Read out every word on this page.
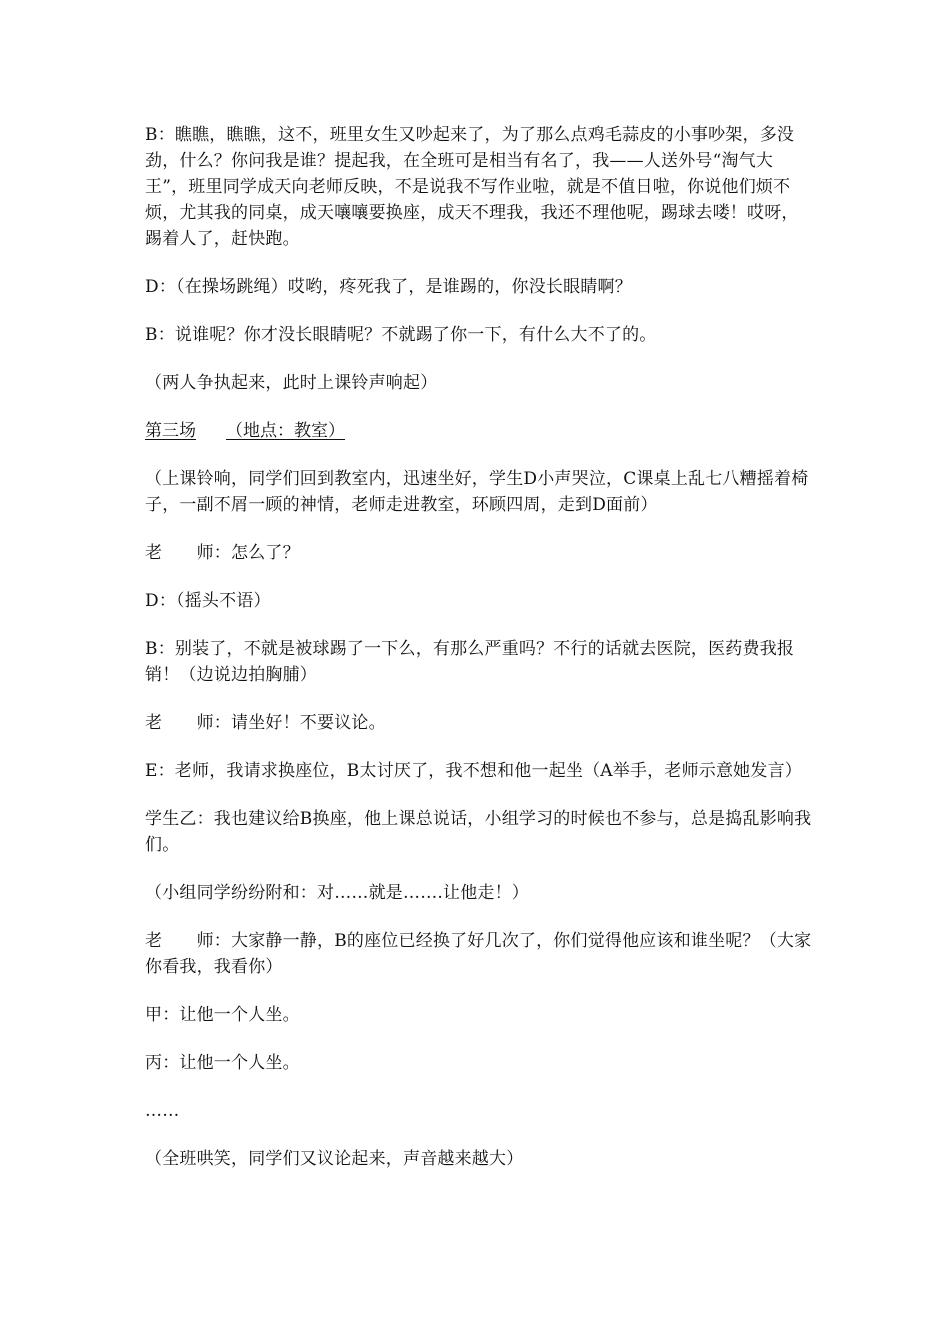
B：瞧瞧，瞧瞧，这不，班里女生又吵起来了，为了那么点鸡毛蒜皮的小事吵架，多没劲，什么？你问我是谁？提起我，在全班可是相当有名了，我——人送外号“淘气大王”，班里同学成天向老师反映，不是说我不写作业啦，就是不值日啦，你说他们烦不烦，尤其我的同桌，成天嚷嚷要换座，成天不理我，我还不理他呢，踢球去喽！哎呀，踢着人了，赶快跑。

D：（在操场跳绳）哎哟，疼死我了，是谁踢的，你没长眼睛啊？

B：说谁呢？你才没长眼睛呢？不就踢了你一下，有什么大不了的。

（两人争执起来，此时上课铃声响起）

第三场 （地点：教室）

（上课铃响，同学们回到教室内，迅速坐好，学生D小声哭泣，C课桌上乱七八糟摇着椅子，一副不屑一顾的神情，老师走进教室，环顾四周，走到D面前）

老　　师：怎么了？

D：（摇头不语）

B：别装了，不就是被球踢了一下么，有那么严重吗？不行的话就去医院，医药费我报销！（边说边拍胸脯）

老　　师：请坐好！不要议论。

E：老师，我请求换座位，B太讨厌了，我不想和他一起坐（A举手，老师示意她发言）

学生乙：我也建议给B换座，他上课总说话，小组学习的时候也不参与，总是捣乱影响我们。

（小组同学纷纷附和：对……就是…….让他走！）

老　　师：大家静一静，B的座位已经换了好几次了，你们觉得他应该和谁坐呢？（大家你看我，我看你）

甲：让他一个人坐。

丙：让他一个人坐。

……

（全班哄笑，同学们又议论起来，声音越来越大）
